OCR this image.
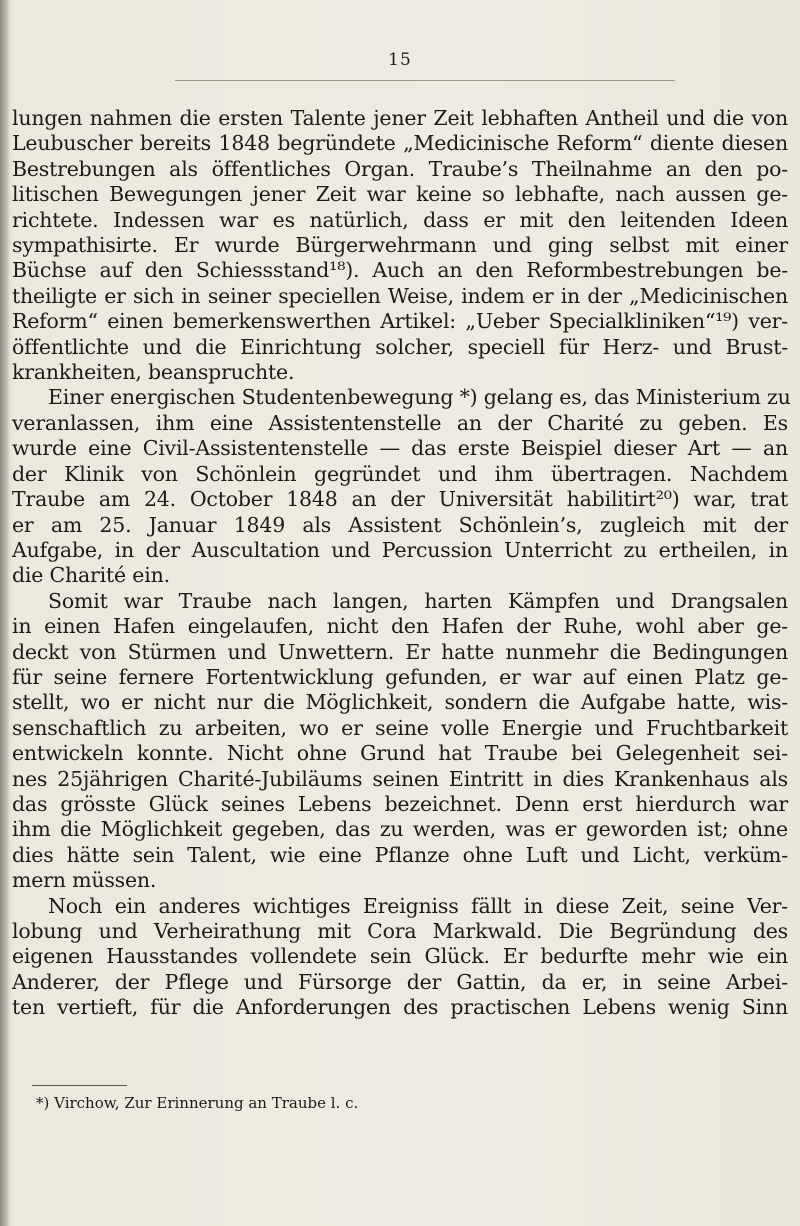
15
lungen nahmen die ersten Talente jener Zeit lebhaften Antheil und die von
Leubuscher bereits 1848 begründete „Medicinische Reform“ diente diesen
Bestrebungen als öffentliches Organ. Traube’s Theilnahme an den po-
litischen Bewegungen jener Zeit war keine so lebhafte, nach aussen ge-
richtete. Indessen war es natürlich, dass er mit den leitenden Ideen
sympathisirte. Er wurde Bürgerwehrmann und ging selbst mit einer
Büchse auf den Schiessstand¹⁸). Auch an den Reformbestrebungen be-
theiligte er sich in seiner speciellen Weise, indem er in der „Medicinischen
Reform“ einen bemerkenswerthen Artikel: „Ueber Specialkliniken“¹⁹) ver-
öffentlichte und die Einrichtung solcher, speciell für Herz- und Brust-
krankheiten, beanspruchte.
Einer energischen Studentenbewegung *) gelang es, das Ministerium zu
veranlassen, ihm eine Assistentenstelle an der Charité zu geben. Es
wurde eine Civil-Assistentenstelle — das erste Beispiel dieser Art — an
der Klinik von Schönlein gegründet und ihm übertragen. Nachdem
Traube am 24. October 1848 an der Universität habilitirt²⁰) war, trat
er am 25. Januar 1849 als Assistent Schönlein’s, zugleich mit der
Aufgabe, in der Auscultation und Percussion Unterricht zu ertheilen, in
die Charité ein.
Somit war Traube nach langen, harten Kämpfen und Drangsalen
in einen Hafen eingelaufen, nicht den Hafen der Ruhe, wohl aber ge-
deckt von Stürmen und Unwettern. Er hatte nunmehr die Bedingungen
für seine fernere Fortentwicklung gefunden, er war auf einen Platz ge-
stellt, wo er nicht nur die Möglichkeit, sondern die Aufgabe hatte, wis-
senschaftlich zu arbeiten, wo er seine volle Energie und Fruchtbarkeit
entwickeln konnte. Nicht ohne Grund hat Traube bei Gelegenheit sei-
nes 25jährigen Charité-Jubiläums seinen Eintritt in dies Krankenhaus als
das grösste Glück seines Lebens bezeichnet. Denn erst hierdurch war
ihm die Möglichkeit gegeben, das zu werden, was er geworden ist; ohne
dies hätte sein Talent, wie eine Pflanze ohne Luft und Licht, verküm-
mern müssen.
Noch ein anderes wichtiges Ereigniss fällt in diese Zeit, seine Ver-
lobung und Verheirathung mit Cora Markwald. Die Begründung des
eigenen Hausstandes vollendete sein Glück. Er bedurfte mehr wie ein
Anderer, der Pflege und Fürsorge der Gattin, da er, in seine Arbei-
ten vertieft, für die Anforderungen des practischen Lebens wenig Sinn
*) Virchow, Zur Erinnerung an Traube l. c.
